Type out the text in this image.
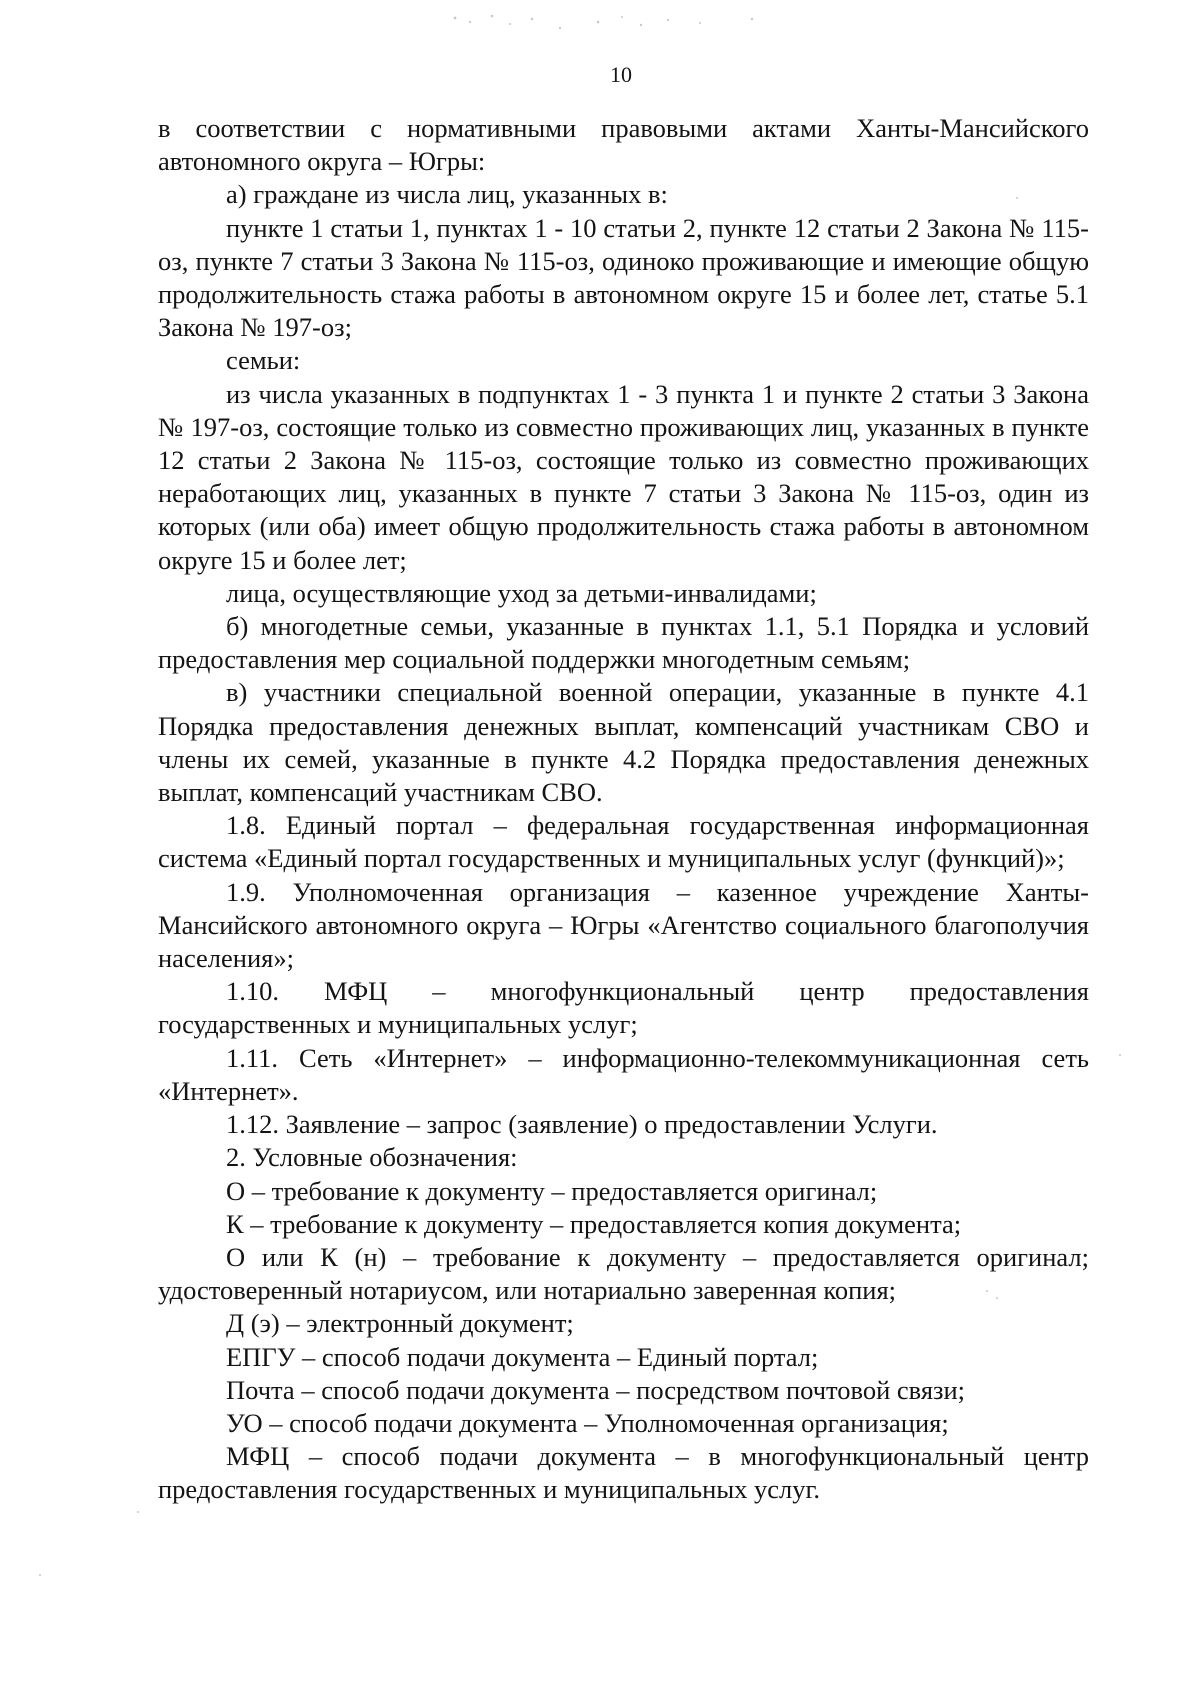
10

в соответствии с нормативными правовыми актами Ханты-Мансийского автономного округа – Югры:

а) граждане из числа лиц, указанных в:

пункте 1 статьи 1, пунктах 1 - 10 статьи 2, пункте 12 статьи 2 Закона № 115-оз, пункте 7 статьи 3 Закона № 115-оз, одиноко проживающие и имеющие общую продолжительность стажа работы в автономном округе 15 и более лет, статье 5.1 Закона № 197-оз;

семьи:

из числа указанных в подпунктах 1 - 3 пункта 1 и пункте 2 статьи 3 Закона № 197-оз, состоящие только из совместно проживающих лиц, указанных в пункте 12 статьи 2 Закона № 115-оз, состоящие только из совместно проживающих неработающих лиц, указанных в пункте 7 статьи 3 Закона № 115-оз, один из которых (или оба) имеет общую продолжительность стажа работы в автономном округе 15 и более лет;

лица, осуществляющие уход за детьми-инвалидами;

б) многодетные семьи, указанные в пунктах 1.1, 5.1 Порядка и условий предоставления мер социальной поддержки многодетным семьям;

в) участники специальной военной операции, указанные в пункте 4.1 Порядка предоставления денежных выплат, компенсаций участникам СВО и члены их семей, указанные в пункте 4.2 Порядка предоставления денежных выплат, компенсаций участникам СВО.

1.8. Единый портал – федеральная государственная информационная система «Единый портал государственных и муниципальных услуг (функций)»;

1.9. Уполномоченная организация – казенное учреждение Ханты-Мансийского автономного округа – Югры «Агентство социального благополучия населения»;

1.10. МФЦ – многофункциональный центр предоставления государственных и муниципальных услуг;

1.11. Сеть «Интернет» – информационно-телекоммуникационная сеть «Интернет».

1.12. Заявление – запрос (заявление) о предоставлении Услуги.

2. Условные обозначения:

О – требование к документу – предоставляется оригинал;

К – требование к документу – предоставляется копия документа;

О или К (н) – требование к документу – предоставляется оригинал; удостоверенный нотариусом, или нотариально заверенная копия;

Д (э) – электронный документ;

ЕПГУ – способ подачи документа – Единый портал;

Почта – способ подачи документа – посредством почтовой связи;

УО – способ подачи документа – Уполномоченная организация;

МФЦ – способ подачи документа – в многофункциональный центр предоставления государственных и муниципальных услуг.
